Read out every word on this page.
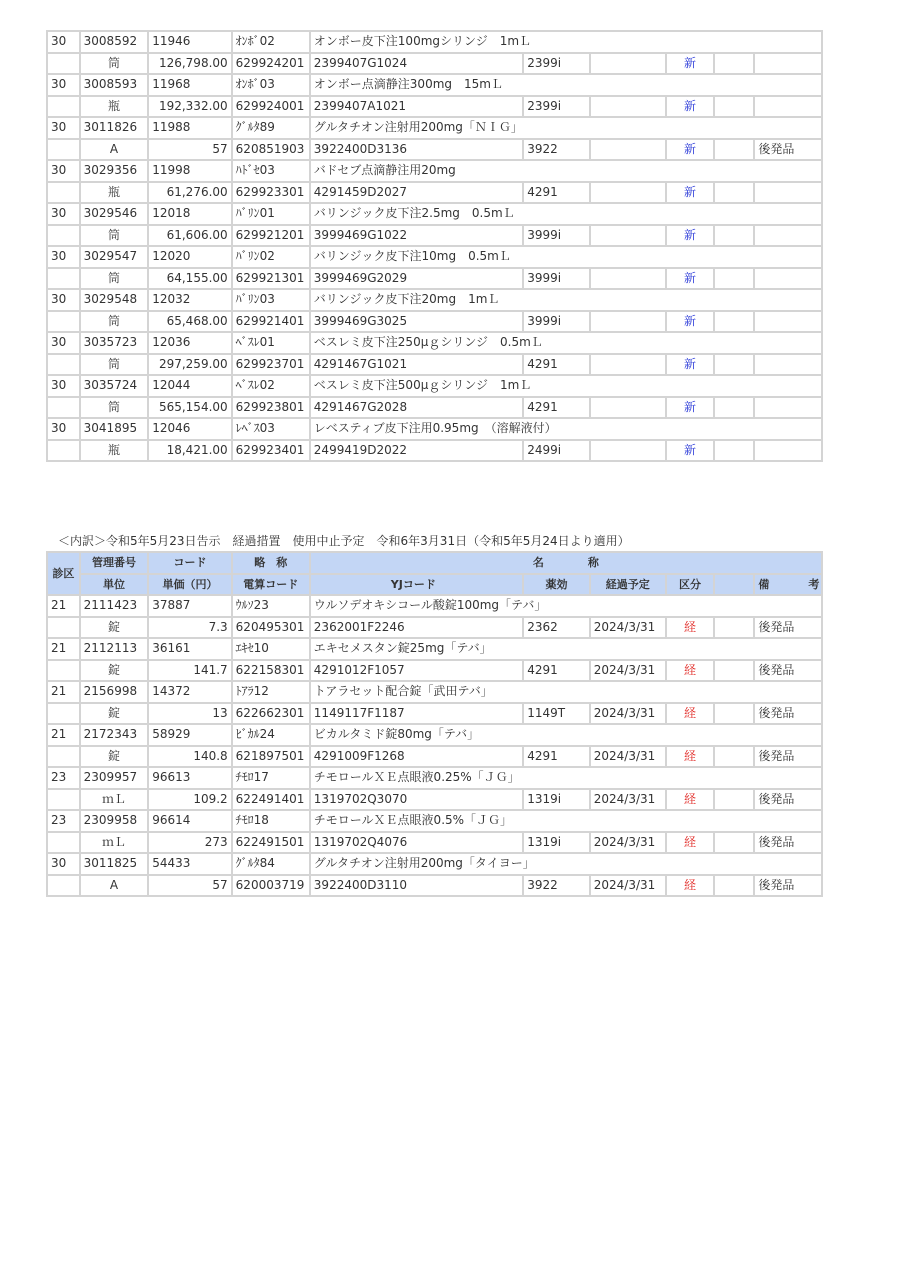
30	3008592	11946	ｵﾝﾎﾞ02	オンボー皮下注100mgシリンジ　1mＬ					
	筒	126,798.00	629924201	2399407G1024	2399i		新		
30	3008593	11968	ｵﾝﾎﾞ03	オンボー点滴静注300mg　15mＬ					
	瓶	192,332.00	629924001	2399407A1021	2399i		新		
30	3011826	11988	ｸﾞﾙﾀ89	グルタチオン注射用200mg「ＮＩＧ」					
	A	57	620851903	3922400D3136	3922		新		後発品
30	3029356	11998	ﾊﾄﾞｾ03	バドセブ点滴静注用20mg					
	瓶	61,276.00	629923301	4291459D2027	4291		新		
30	3029546	12018	ﾊﾞﾘﾝ01	バリンジック皮下注2.5mg　0.5mＬ					
	筒	61,606.00	629921201	3999469G1022	3999i		新		
30	3029547	12020	ﾊﾞﾘﾝ02	バリンジック皮下注10mg　0.5mＬ					
	筒	64,155.00	629921301	3999469G2029	3999i		新		
30	3029548	12032	ﾊﾞﾘﾝ03	バリンジック皮下注20mg　1mＬ					
	筒	65,468.00	629921401	3999469G3025	3999i		新		
30	3035723	12036	ﾍﾞｽﾚ01	ベスレミ皮下注250μｇシリンジ　0.5mＬ					
	筒	297,259.00	629923701	4291467G1021	4291		新		
30	3035724	12044	ﾍﾞｽﾚ02	ベスレミ皮下注500μｇシリンジ　1mＬ					
	筒	565,154.00	629923801	4291467G2028	4291		新		
30	3041895	12046	ﾚﾍﾞｽ03	レベスティブ皮下注用0.95mg　（溶解液付）					
	瓶	18,421.00	629923401	2499419D2022	2499i		新		
＜内訳＞令和5年5月23日告示　経過措置　使用中止予定　令和6年3月31日（令和5年5月24日より適用）
診区	管理番号	コード	略　称	名　　　　称					
	単位	単価（円）	電算コード	YJコード	薬効	経過予定	区分		備　考
21	2111423	37887	ｳﾙｿ23	ウルソデオキシコール酸錠100mg「テバ」					
	錠	7.3	620495301	2362001F2246	2362	2024/3/31	経		後発品
21	2112113	36161	ｴｷｾ10	エキセメスタン錠25mg「テバ」					
	錠	141.7	622158301	4291012F1057	4291	2024/3/31	経		後発品
21	2156998	14372	ﾄｱﾗ12	トアラセット配合錠「武田テバ」					
	錠	13	622662301	1149117F1187	1149T	2024/3/31	経		後発品
21	2172343	58929	ﾋﾞｶﾙ24	ビカルタミド錠80mg「テバ」					
	錠	140.8	621897501	4291009F1268	4291	2024/3/31	経		後発品
23	2309957	96613	ﾁﾓﾛ17	チモロールＸＥ点眼液0.25%「ＪＧ」					
	ｍＬ	109.2	622491401	1319702Q3070	1319i	2024/3/31	経		後発品
23	2309958	96614	ﾁﾓﾛ18	チモロールＸＥ点眼液0.5%「ＪＧ」					
	ｍＬ	273	622491501	1319702Q4076	1319i	2024/3/31	経		後発品
30	3011825	54433	ｸﾞﾙﾀ84	グルタチオン注射用200mg「タイヨー」					
	A	57	620003719	3922400D3110	3922	2024/3/31	経		後発品
